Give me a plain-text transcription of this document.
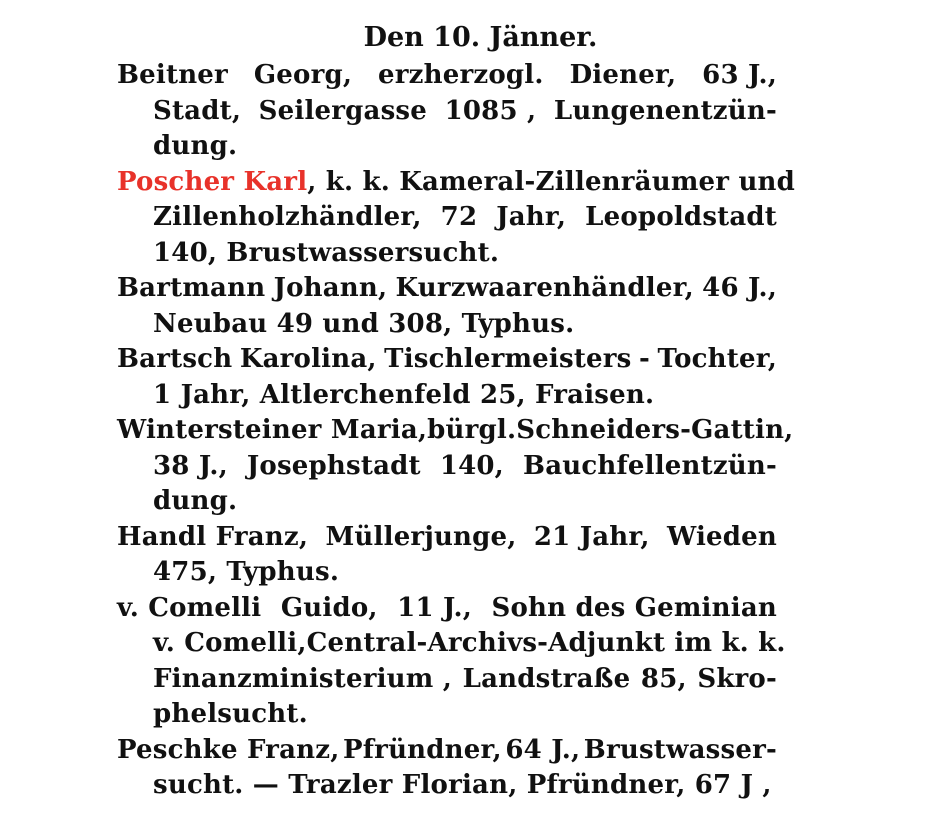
Den 10. Jänner.
Beitner Georg, erzherzogl. Diener, 63 J.,
Stadt, Seilergasse 1085 , Lungenentzün-
dung.
Poscher Karl, k. k. Kameral-Zillenräumer und
Zillenholzhändler, 72 Jahr, Leopoldstadt
140, Brustwassersucht.
Bartmann Johann, Kurzwaarenhändler, 46 J.,
Neubau 49 und 308, Typhus.
Bartsch Karolina, Tischlermeisters - Tochter,
1 Jahr, Altlerchenfeld 25, Fraisen.
Wintersteiner Maria, bürgl. Schneiders-Gattin,
38 J., Josephstadt 140, Bauchfellentzün-
dung.
Handl Franz, Müllerjunge, 21 Jahr, Wieden
475, Typhus.
v. Comelli Guido, 11 J., Sohn des Geminian
v. Comelli, Central-Archivs-Adjunkt im k. k.
Finanzministerium , Landstraße 85, Skro-
phelsucht.
Peschke Franz, Pfründner, 64 J., Brustwasser-
sucht. — Trazler Florian, Pfründner, 67 J ,
